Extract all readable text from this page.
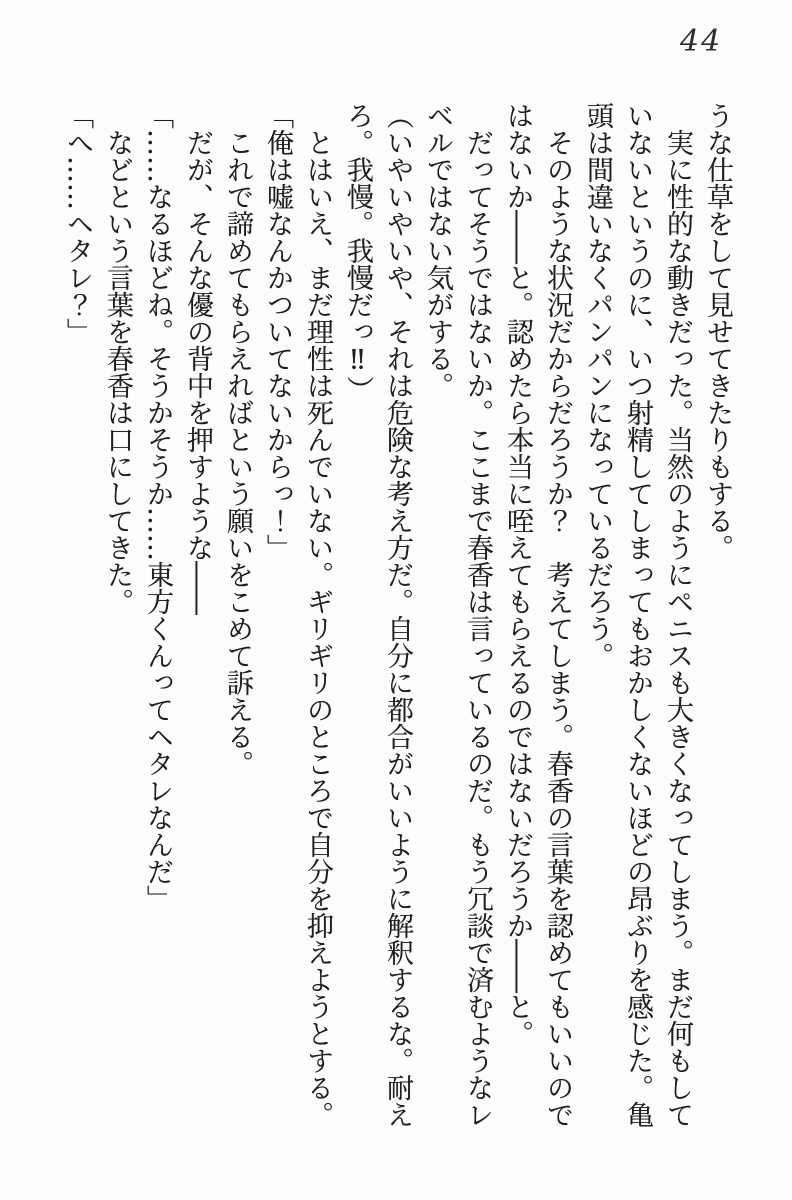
44

うな仕草をして見せてきたりもする。

　実に性的な動きだった。当然のようにペニスも大きくなってしまう。まだ何もして

いないというのに、いつ射精してしまってもおかしくないほどの昂ぶりを感じた。亀

頭は間違いなくパンパンになっているだろう。

　そのような状況だからだろうか？　考えてしまう。春香の言葉を認めてもいいので

はないか――と。認めたら本当に咥えてもらえるのではないだろうか――と。

　だってそうではないか。ここまで春香は言っているのだ。もう冗談で済むようなレ

ベルではない気がする。

（いやいやいや、それは危険な考え方だ。自分に都合がいいように解釈するな。耐え

ろ。我慢。我慢だっ‼）

　とはいえ、まだ理性は死んでいない。ギリギリのところで自分を抑えようとする。

「俺は嘘なんかついてないからっ！」

　これで諦めてもらえればという願いをこめて訴える。

　だが、そんな優の背中を押すような――

「……なるほどね。そうかそうか……東方くんってヘタレなんだ」

　などという言葉を春香は口にしてきた。

「へ……ヘタレ？」
